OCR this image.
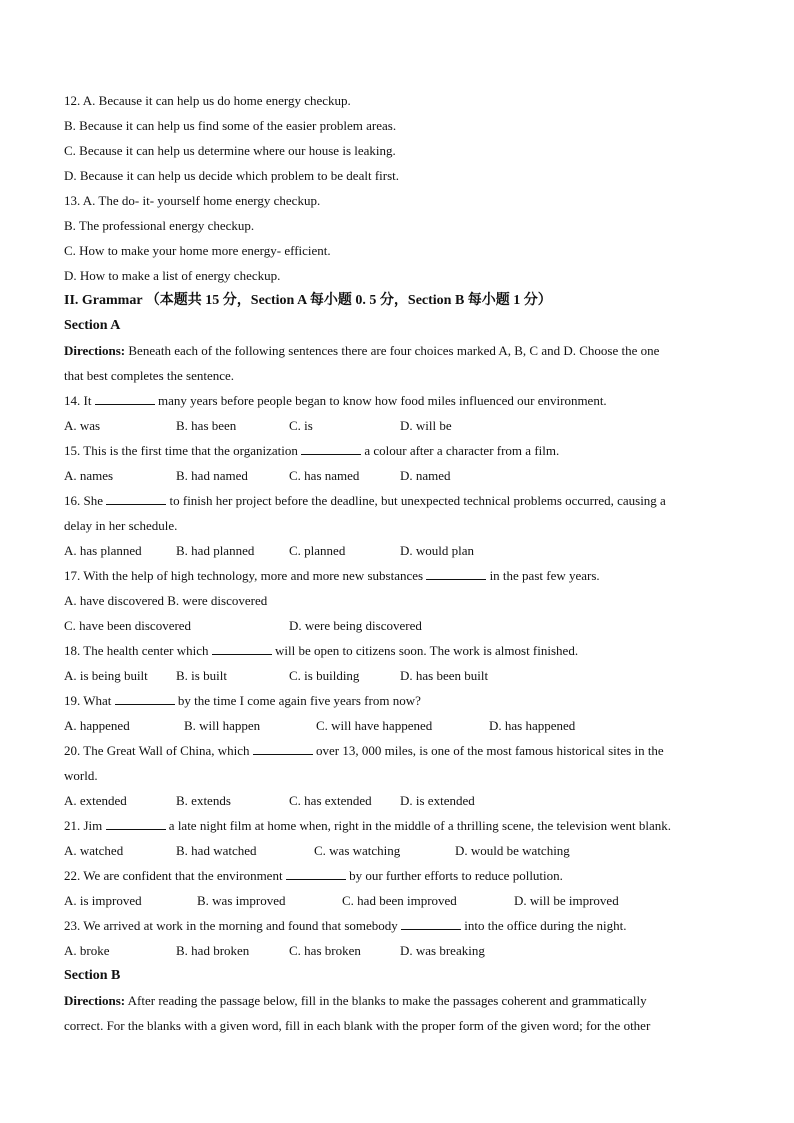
12. A. Because it can help us do home energy checkup.
B. Because it can help us find some of the easier problem areas.
C. Because it can help us determine where our house is leaking.
D. Because it can help us decide which problem to be dealt first.
13. A. The do- it- yourself home energy checkup.
B. The professional energy checkup.
C. How to make your home more energy- efficient.
D. How to make a list of energy checkup.
II. Grammar （本题共 15 分，Section A 每小题 0. 5 分，Section B 每小题 1 分）
Section A
Directions: Beneath each of the following sentences there are four choices marked A, B, C and D. Choose the one
that best completes the sentence.
14. It	many years before people began to know how food miles influenced our environment.
A. was	B. has been	C. is	D. will be
15. This is the first time that the organization	a colour after a character from a film.
A. names	B. had named	C. has named	D. named
16. She	to finish her project before the deadline, but unexpected technical problems occurred, causing a
delay in her schedule.
A. has planned	B. had planned	C. planned	D. would plan
17. With the help of high technology, more and more new substances	in the past few years.
A. have discovered B. were discovered
C. have been discovered	D. were being discovered
18. The health center which	will be open to citizens soon. The work is almost finished.
A. is being built B. is built	C. is building	D. has been built
19. What	by the time I come again five years from now?
A. happened	B. will happen	C. will have happened	D. has happened
20. The Great Wall of China, which	over 13, 000 miles, is one of the most famous historical sites in the
world.
A. extended	B. extends	C. has extended D. is extended
21. Jim	a late night film at home when, right in the middle of a thrilling scene, the television went blank.
A. watched	B. had watched	C. was watching	D. would be watching
22. We are confident that the environment	by our further efforts to reduce pollution.
A. is improved	B. was improved	C. had been improved	D. will be improved
23. We arrived at work in the morning and found that somebody	into the office during the night.
A. broke	B. had broken	C. has broken	D. was breaking
Section B
Directions: After reading the passage below, fill in the blanks to make the passages coherent and grammatically
correct. For the blanks with a given word, fill in each blank with the proper form of the given word; for the other
